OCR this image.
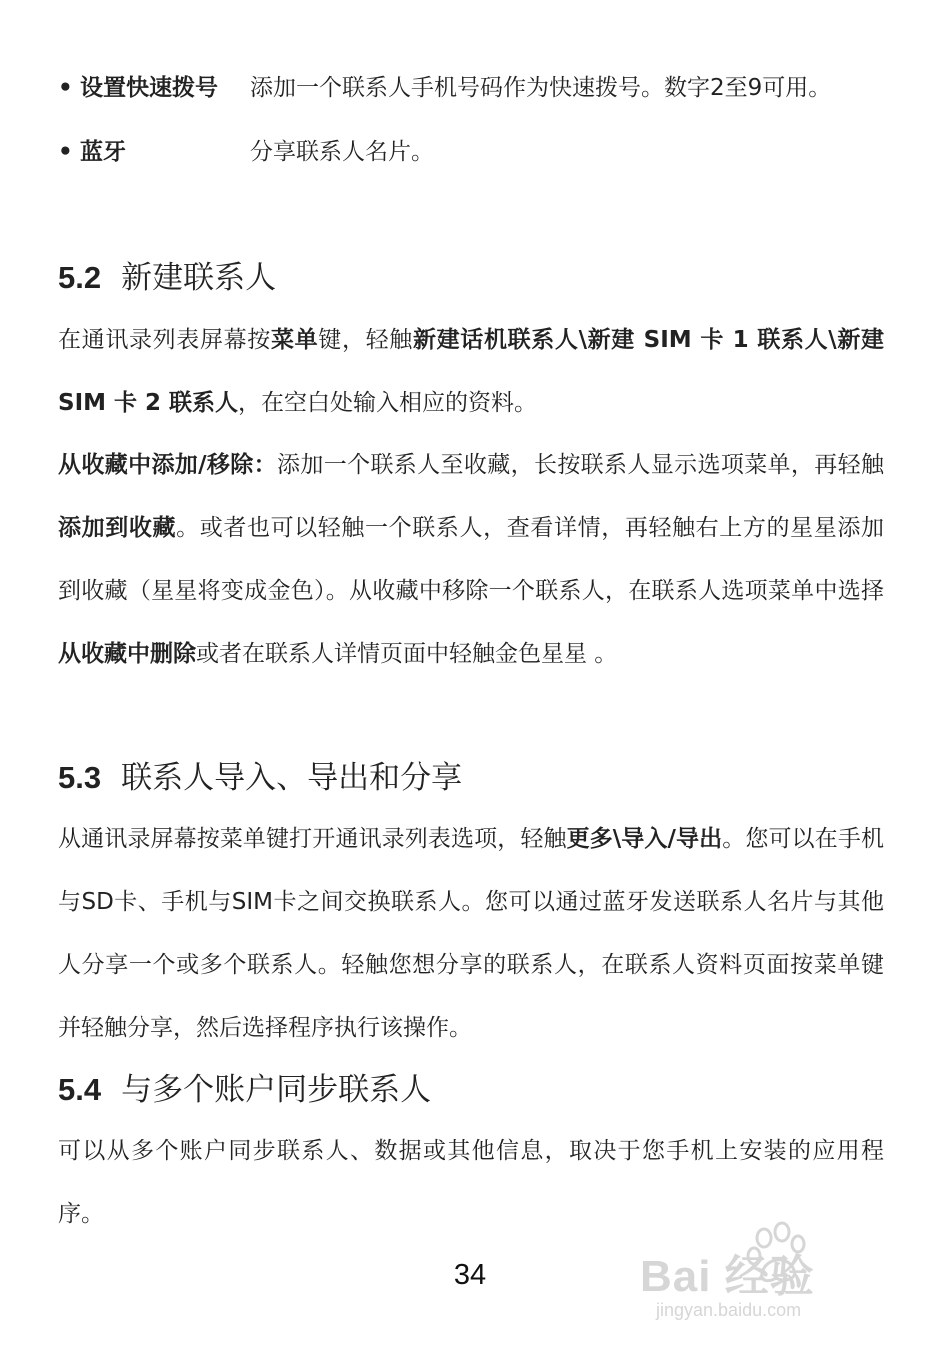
• 设置快速拨号 添加一个联系人手机号码作为快速拨号。数字2至9可用。
• 蓝牙	分享联系人名片。
5.2 新建联系人

在通讯录列表屏幕按菜单键，轻触新建话机联系人\新建 SIM 卡 1 联系人\新建 SIM 卡 2 联系人，在空白处输入相应的资料。

从收藏中添加/移除：添加一个联系人至收藏，长按联系人显示选项菜单，再轻触添加到收藏。或者也可以轻触一个联系人，查看详情，再轻触右上方的星星添加到收藏（星星将变成金色）。从收藏中移除一个联系人，在联系人选项菜单中选择从收藏中删除或者在联系人详情页面中轻触金色星星 。

5.3 联系人导入、导出和分享

从通讯录屏幕按菜单键打开通讯录列表选项，轻触更多\导入/导出。您可以在手机与SD卡、手机与SIM卡之间交换联系人。您可以通过蓝牙发送联系人名片与其他人分享一个或多个联系人。轻触您想分享的联系人，在联系人资料页面按菜单键并轻触分享，然后选择程序执行该操作。

5.4 与多个账户同步联系人

可以从多个账户同步联系人、数据或其他信息，取决于您手机上安装的应用程序。

34	Bai 经验
jingyan.baidu.com
